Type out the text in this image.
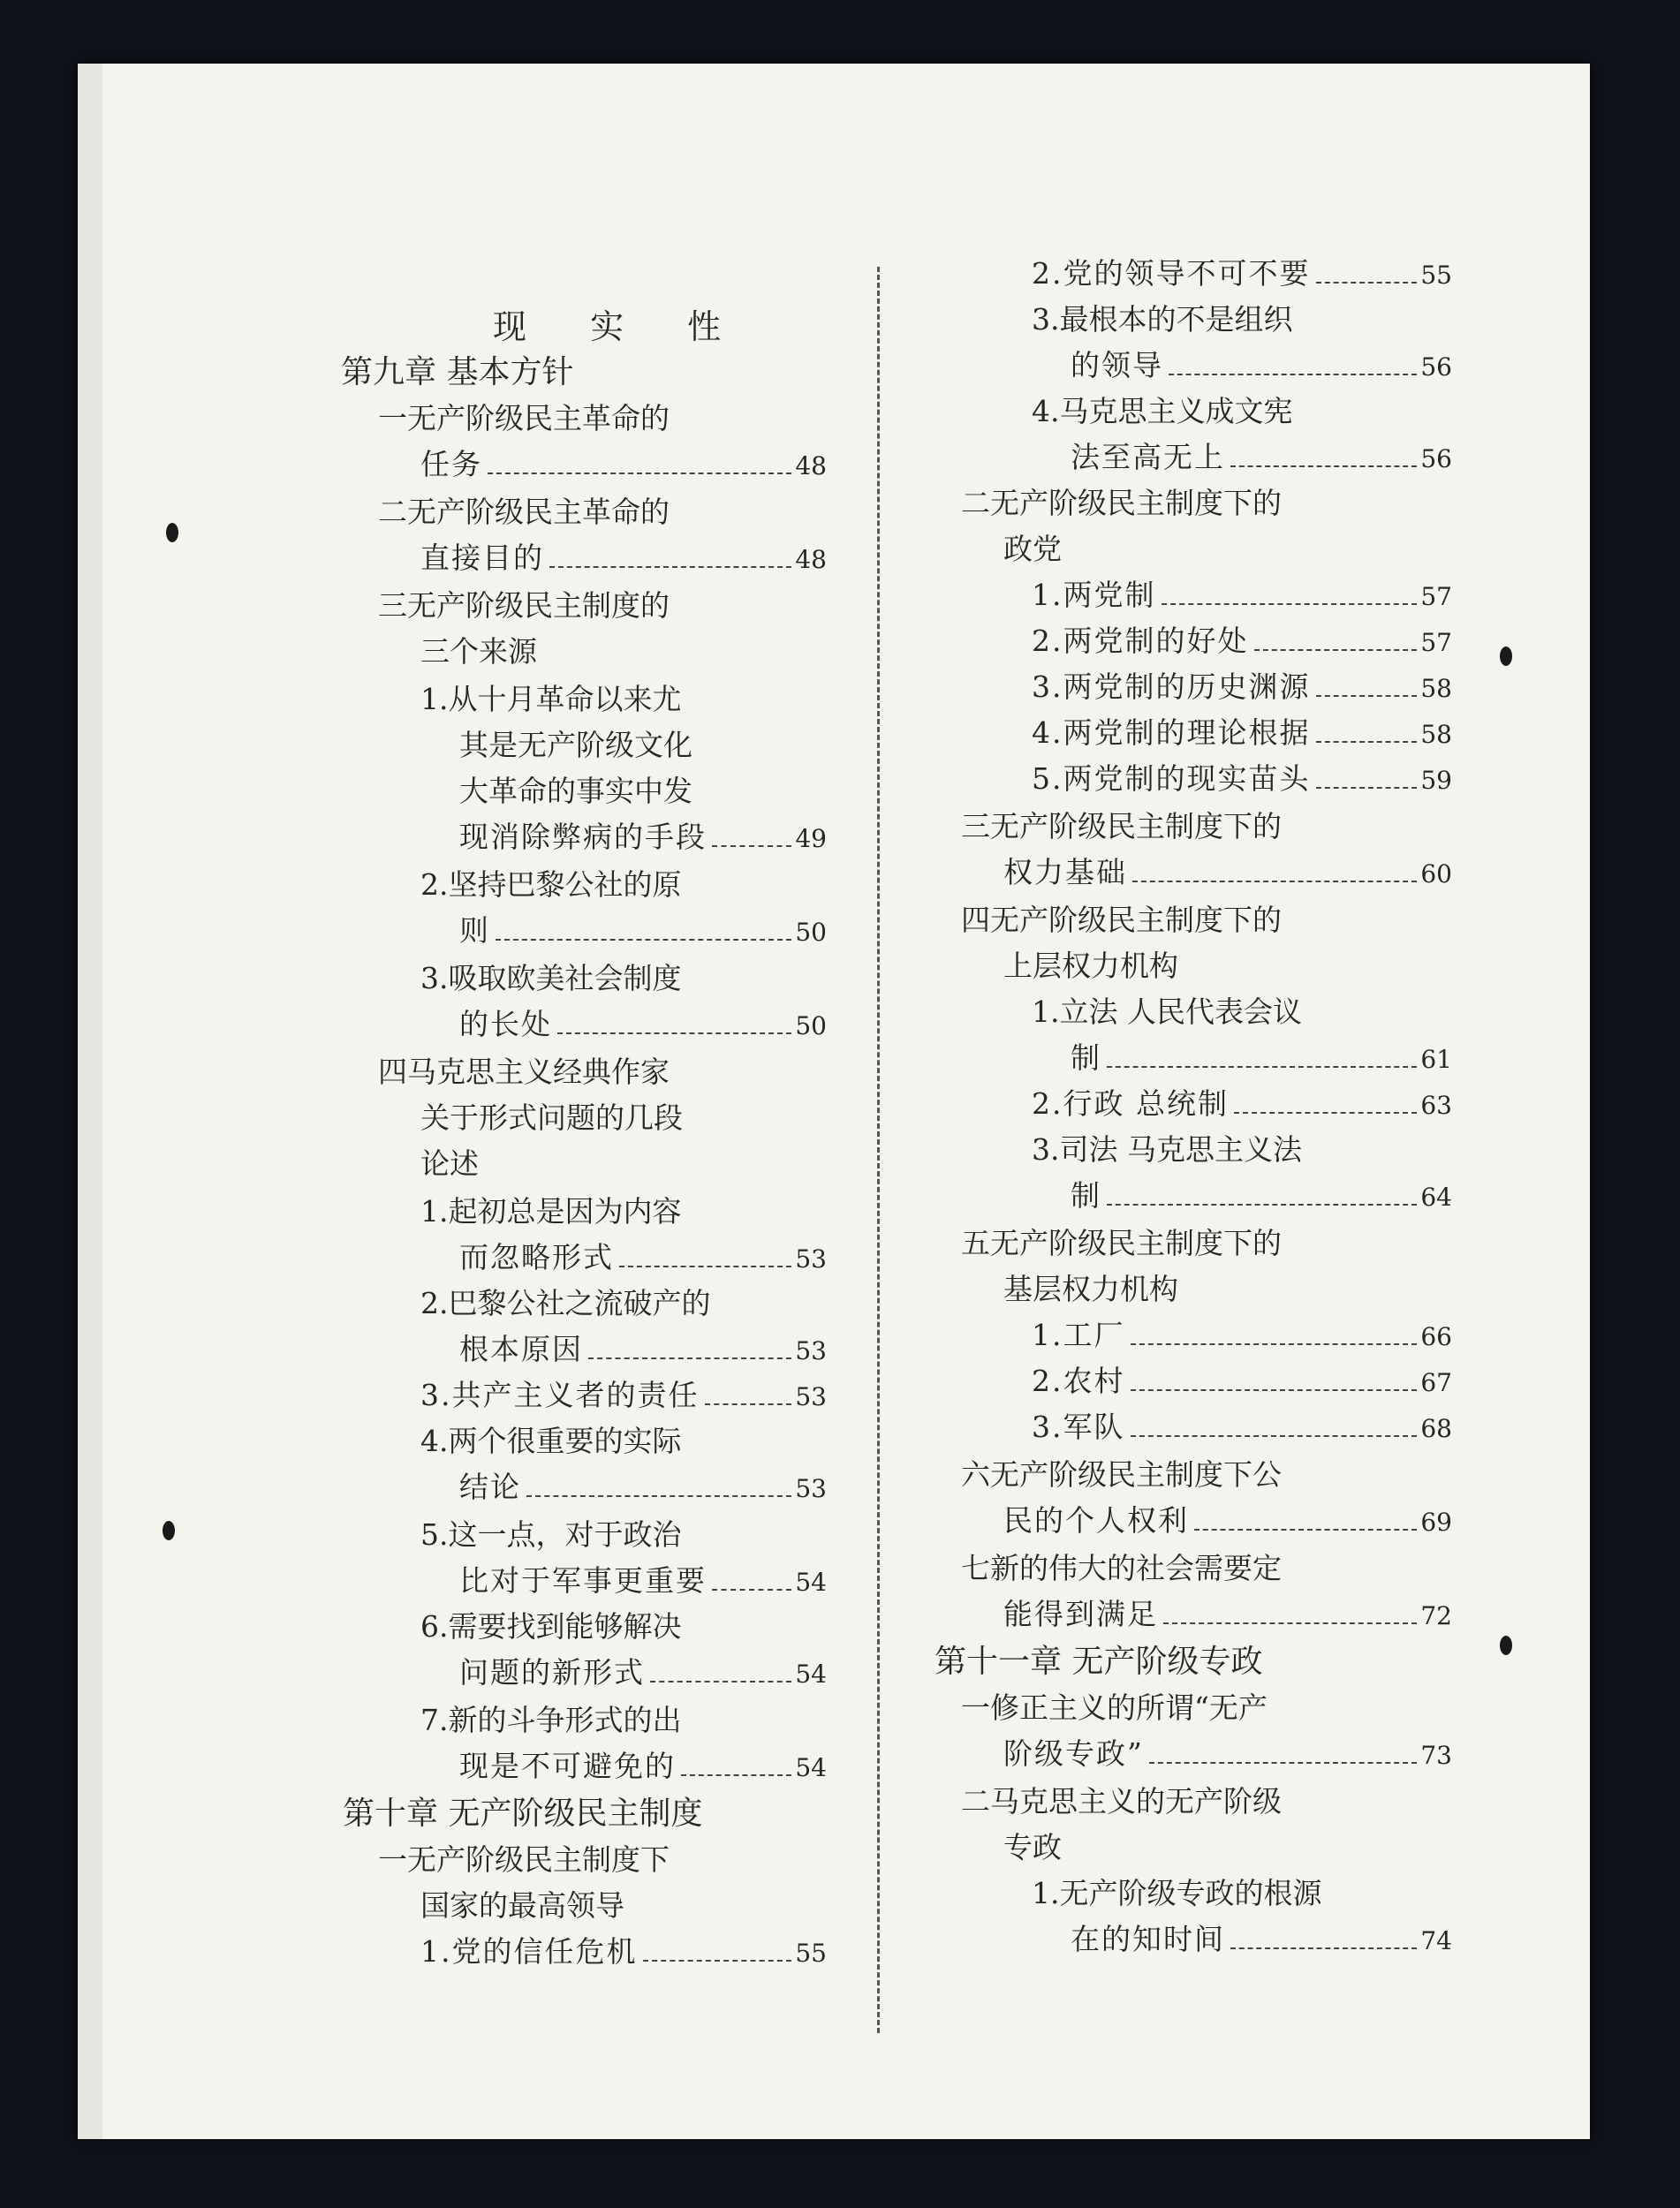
现 实 性
第九章 基本方针
一无产阶级民主革命的
任务	48
二无产阶级民主革命的
直接目的	48
三无产阶级民主制度的
三个来源
1.从十月革命以来尤
其是无产阶级文化
大革命的事实中发
现消除弊病的手段	49
2.坚持巴黎公社的原
则	50
3.吸取欧美社会制度
的长处	50
四马克思主义经典作家
关于形式问题的几段
论述
1.起初总是因为内容
而忽略形式	53
2.巴黎公社之流破产的
根本原因	53
3.共产主义者的责任	53
4.两个很重要的实际
结论	53
5.这一点，对于政治
比对于军事更重要	54
6.需要找到能够解决
问题的新形式	54
7.新的斗争形式的出
现是不可避免的	54
第十章 无产阶级民主制度
一无产阶级民主制度下
国家的最高领导
1.党的信任危机	55
2.党的领导不可不要	55
3.最根本的不是组织
的领导	56
4.马克思主义成文宪
法至高无上	56
二无产阶级民主制度下的
政党
1.两党制	57
2.两党制的好处	57
3.两党制的历史渊源	58
4.两党制的理论根据	58
5.两党制的现实苗头	59
三无产阶级民主制度下的
权力基础	60
四无产阶级民主制度下的
上层权力机构
1.立法 人民代表会议
制	61
2.行政 总统制	63
3.司法 马克思主义法
制	64
五无产阶级民主制度下的
基层权力机构
1.工厂	66
2.农村	67
3.军队	68
六无产阶级民主制度下公
民的个人权利	69
七新的伟大的社会需要定
能得到满足	72
第十一章 无产阶级专政
一修正主义的所谓“无产
阶级专政”	73
二马克思主义的无产阶级
专政
1.无产阶级专政的根源
在的知时间	74
